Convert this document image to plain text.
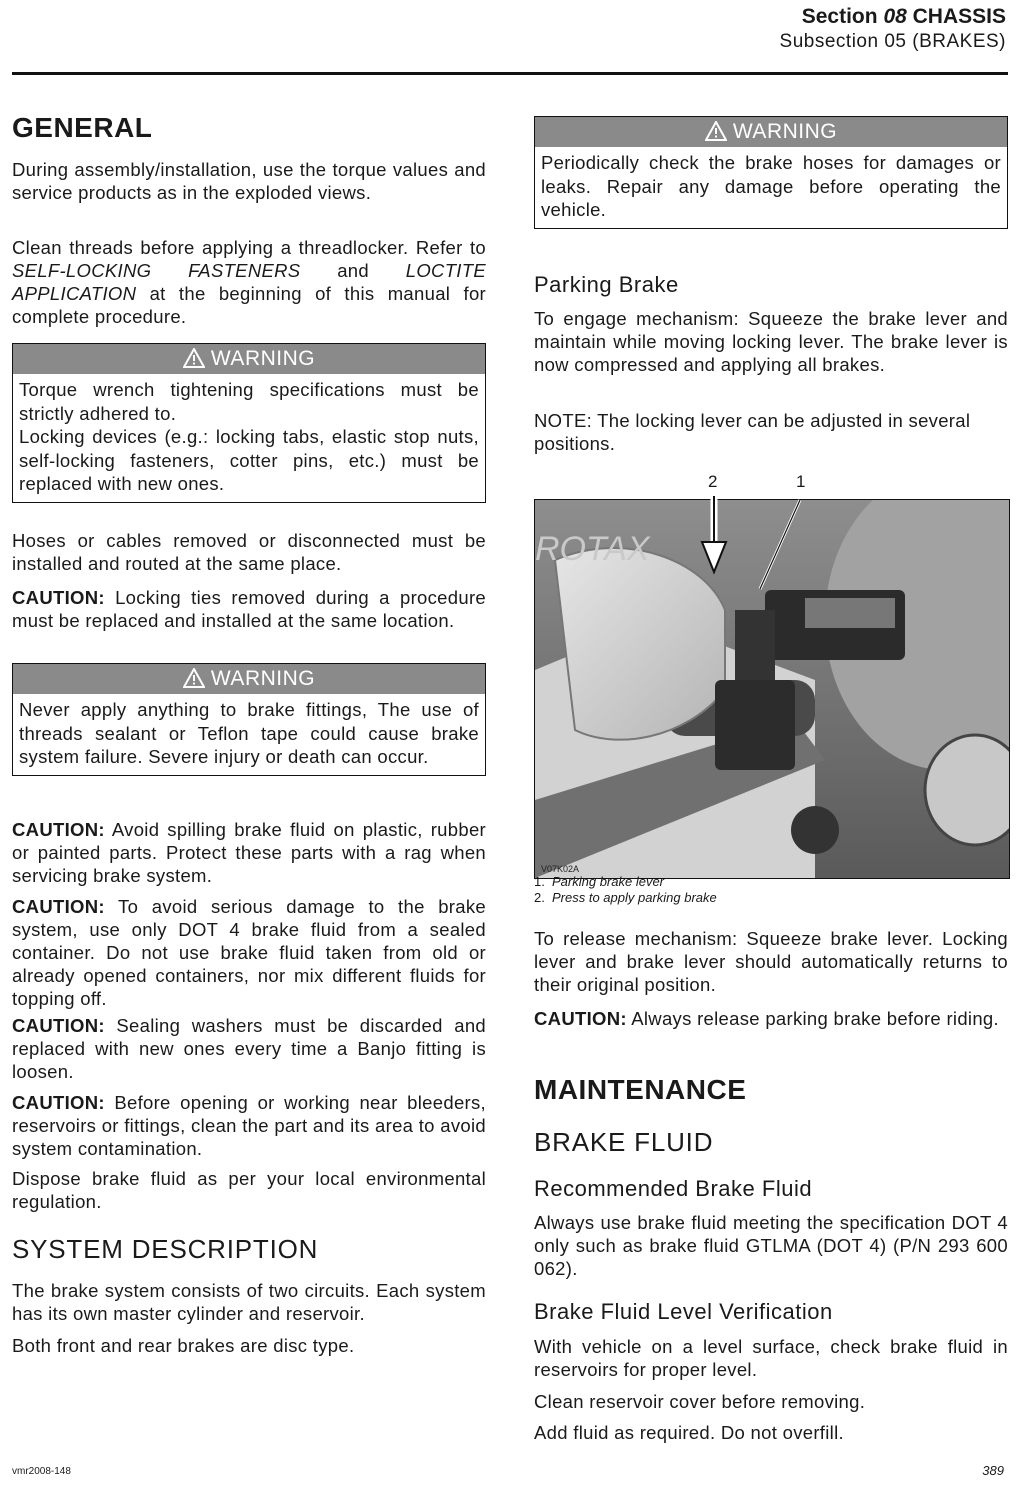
Section 08 CHASSIS
Subsection 05 (BRAKES)
GENERAL

During assembly/installation, use the torque values and service products as in the exploded views.

Clean threads before applying a threadlocker. Refer to SELF-LOCKING FASTENERS and LOCTITE APPLICATION at the beginning of this manual for complete procedure.

WARNING
Torque wrench tightening specifications must be strictly adhered to.
Locking devices (e.g.: locking tabs, elastic stop nuts, self-locking fasteners, cotter pins, etc.) must be replaced with new ones.

Hoses or cables removed or disconnected must be installed and routed at the same place.

CAUTION: Locking ties removed during a procedure must be replaced and installed at the same location.

WARNING
Never apply anything to brake fittings, The use of threads sealant or Teflon tape could cause brake system failure. Severe injury or death can occur.

CAUTION: Avoid spilling brake fluid on plastic, rubber or painted parts. Protect these parts with a rag when servicing brake system.

CAUTION: To avoid serious damage to the brake system, use only DOT 4 brake fluid from a sealed container. Do not use brake fluid taken from old or already opened containers, nor mix different fluids for topping off.

CAUTION: Sealing washers must be discarded and replaced with new ones every time a Banjo fitting is loosen.

CAUTION: Before opening or working near bleeders, reservoirs or fittings, clean the part and its area to avoid system contamination.

Dispose brake fluid as per your local environmental regulation.

SYSTEM DESCRIPTION

The brake system consists of two circuits. Each system has its own master cylinder and reservoir.

Both front and rear brakes are disc type.

WARNING
Periodically check the brake hoses for damages or leaks. Repair any damage before operating the vehicle.
Parking Brake

To engage mechanism: Squeeze the brake lever and maintain while moving locking lever. The brake lever is now compressed and applying all brakes.

NOTE: The locking lever can be adjusted in several positions.

2	1
ROTAX
V07K02A
1. Parking brake lever
2. Press to apply parking brake

To release mechanism: Squeeze brake lever. Locking lever and brake lever should automatically returns to their original position.

CAUTION: Always release parking brake before riding.

MAINTENANCE
BRAKE FLUID
Recommended Brake Fluid

Always use brake fluid meeting the specification DOT 4 only such as brake fluid GTLMA (DOT 4) (P/N 293 600 062).

Brake Fluid Level Verification

With vehicle on a level surface, check brake fluid in reservoirs for proper level.

Clean reservoir cover before removing.

Add fluid as required. Do not overfill.

vmr2008-148	389
